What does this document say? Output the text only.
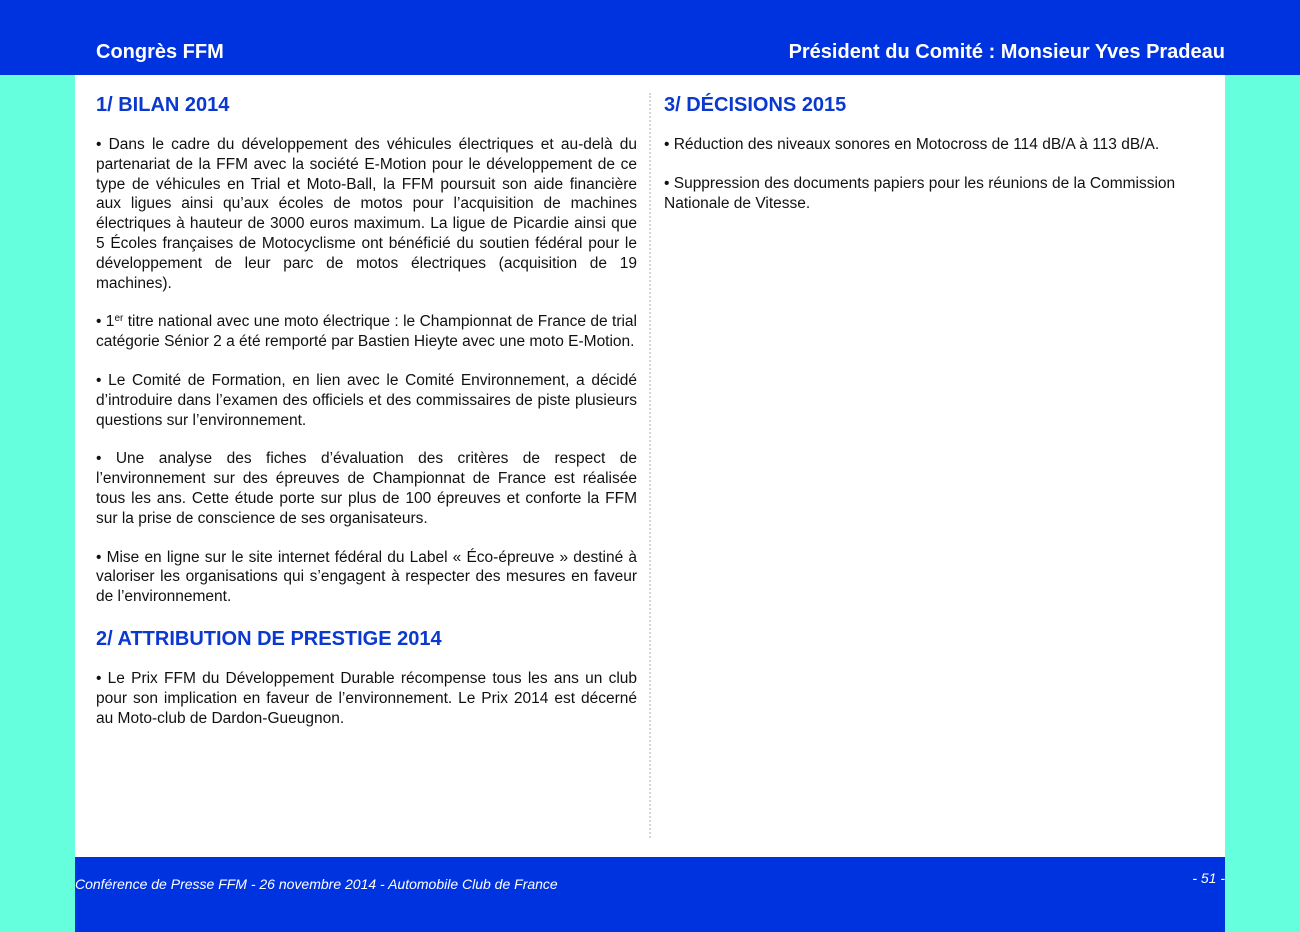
Congrès FFM	Président du Comité : Monsieur Yves Pradeau
1/ BILAN 2014

• Dans le cadre du développement des véhicules électriques et au-delà du partenariat de la FFM avec la société E-Motion pour le développement de ce type de véhicules en Trial et Moto-Ball, la FFM poursuit son aide financière aux ligues ainsi qu’aux écoles de motos pour l’acquisition de machines électriques à hauteur de 3000 euros maximum. La ligue de Picardie ainsi que 5 Écoles françaises de Motocyclisme ont bénéficié du soutien fédéral pour le développement de leur parc de motos électriques (acquisition de 19 machines).

• 1er titre national avec une moto électrique : le Championnat de France de trial catégorie Sénior 2 a été remporté par Bastien Hieyte avec une moto E-Motion.

• Le Comité de Formation, en lien avec le Comité Environnement, a décidé d’introduire dans l’examen des officiels et des commissaires de piste plusieurs questions sur l’environnement.

• Une analyse des fiches d’évaluation des critères de respect de l’environnement sur des épreuves de Championnat de France est réalisée tous les ans. Cette étude porte sur plus de 100 épreuves et conforte la FFM sur la prise de conscience de ses organisateurs.

• Mise en ligne sur le site internet fédéral du Label « Éco-épreuve » destiné à valoriser les organisations qui s’engagent à respecter des mesures en faveur de l’environnement.

2/ ATTRIBUTION DE PRESTIGE 2014

• Le Prix FFM du Développement Durable récompense tous les ans un club pour son implication en faveur de l’environnement. Le Prix 2014 est décerné au Moto-club de Dardon-Gueugnon.

3/ DÉCISIONS 2015

• Réduction des niveaux sonores en Motocross de 114 dB/A à 113 dB/A.

• Suppression des documents papiers pour les réunions de la Commission Nationale de Vitesse.

Conférence de Presse FFM - 26 novembre 2014 - Automobile Club de France	- 51 -
